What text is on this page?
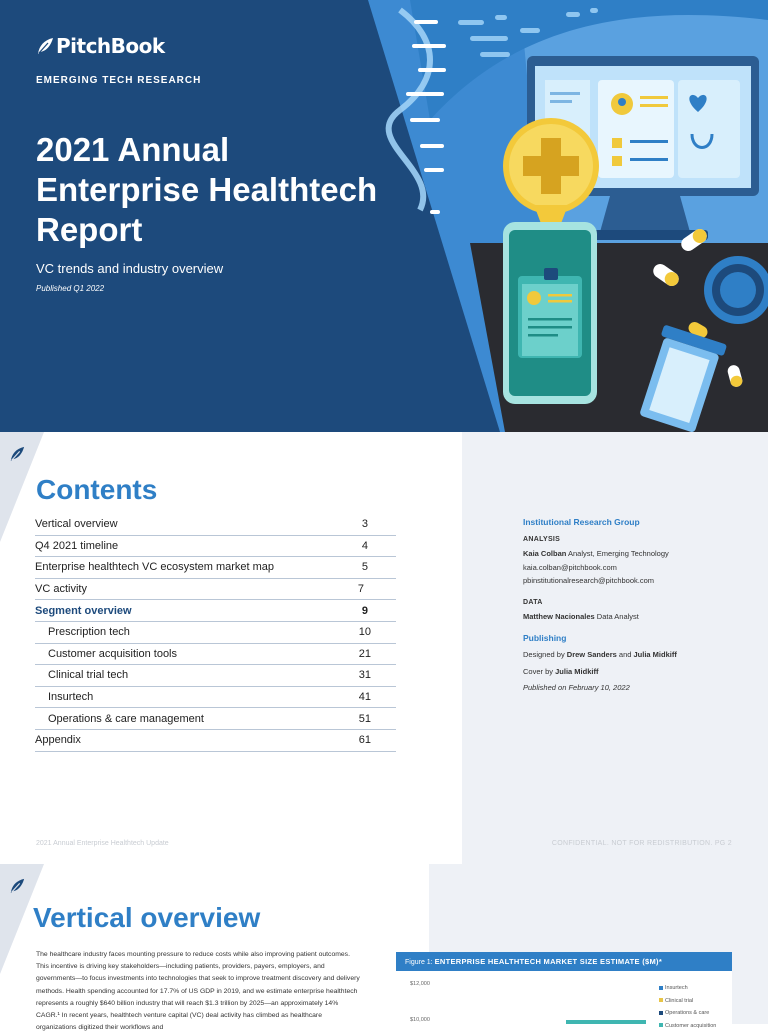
PitchBook
EMERGING TECH RESEARCH
2021 Annual
Enterprise Healthtech
Report
VC trends and industry overview
Published Q1 2022
Contents
Vertical overview	3
Q4 2021 timeline	4
Enterprise healthtech VC ecosystem market map	5
VC activity	7
Segment overview	9
Prescription tech	10
Customer acquisition tools	21
Clinical trial tech	31
Insurtech	41
Operations & care management	51
Appendix	61
Institutional Research Group
ANALYSIS
Kaia Colban Analyst, Emerging Technology
kaia.colban@pitchbook.com
pbinstitutionalresearch@pitchbook.com
DATA
Matthew Nacionales Data Analyst
Publishing
Designed by Drew Sanders and Julia Midkiff
Cover by Julia Midkiff
Published on February 10, 2022
2021 Annual Enterprise Healthtech Update	CONFIDENTIAL. NOT FOR REDISTRIBUTION. PG 2
Vertical overview

The healthcare industry faces mounting pressure to reduce costs while also improving patient outcomes. This incentive is driving key stakeholders—including patients, providers, payers, employers, and governments—to focus investments into technologies that seek to improve treatment discovery and delivery methods. Health spending accounted for 17.7% of US GDP in 2019, and we estimate enterprise healthtech represents a roughly $640 billion industry that will reach $1.3 trillion by 2025—an approximately 14% CAGR.¹ In recent years, healthtech venture capital (VC) deal activity has climbed as healthcare organizations digitized their workflows and

Figure 1: ENTERPRISE HEALTHTECH MARKET SIZE ESTIMATE ($M)*
$12,000
$10,000
Insurtech
Clinical trial
Operations & care
Customer acquisition
